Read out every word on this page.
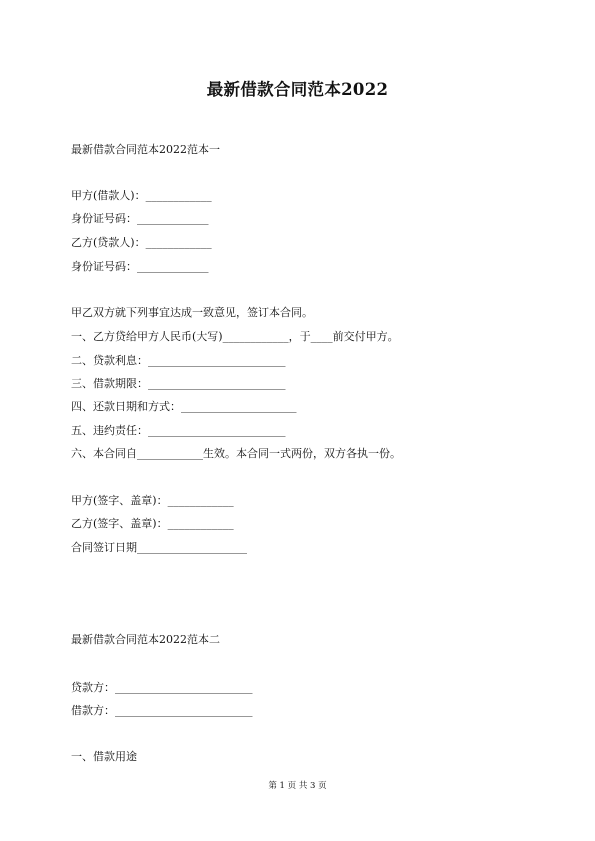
最新借款合同范本2022
最新借款合同范本2022范本一
甲方(借款人)：____________
身份证号码：_____________
乙方(贷款人)：____________
身份证号码：_____________
甲乙双方就下列事宜达成一致意见，签订本合同。
一、乙方贷给甲方人民币(大写)____________，于____前交付甲方。
二、贷款利息：_________________________
三、借款期限：_________________________
四、还款日期和方式：_____________________
五、违约责任：_________________________
六、本合同自____________生效。本合同一式两份，双方各执一份。
甲方(签字、盖章)：____________
乙方(签字、盖章)：____________
合同签订日期____________________
最新借款合同范本2022范本二
贷款方：_________________________
借款方：_________________________
一、借款用途
第 1 页 共 3 页
